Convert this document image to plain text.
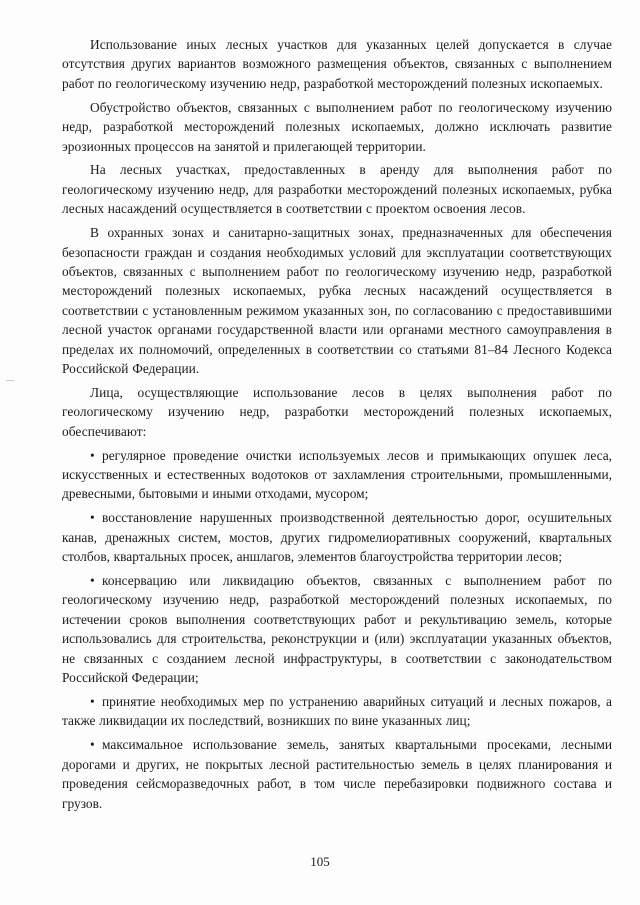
Использование иных лесных участков для указанных целей допускается в случае отсутствия других вариантов возможного размещения объектов, связанных с выполнением работ по геологическому изучению недр, разработкой месторождений полезных ископаемых.

Обустройство объектов, связанных с выполнением работ по геологическому изучению недр, разработкой месторождений полезных ископаемых, должно исключать развитие эрозионных процессов на занятой и прилегающей территории.

На лесных участках, предоставленных в аренду для выполнения работ по геологическому изучению недр, для разработки месторождений полезных ископаемых, рубка лесных насаждений осуществляется в соответствии с проектом освоения лесов.

В охранных зонах и санитарно-защитных зонах, предназначенных для обеспечения безопасности граждан и создания необходимых условий для эксплуатации соответствующих объектов, связанных с выполнением работ по геологическому изучению недр, разработкой месторождений полезных ископаемых, рубка лесных насаждений осуществляется в соответствии с установленным режимом указанных зон, по согласованию с предоставившими лесной участок органами государственной власти или органами местного самоуправления в пределах их полномочий, определенных в соответствии со статьями 81–84 Лесного Кодекса Российской Федерации.

Лица, осуществляющие использование лесов в целях выполнения работ по геологическому изучению недр, разработки месторождений полезных ископаемых, обеспечивают:

• регулярное проведение очистки используемых лесов и примыкающих опушек леса, искусственных и естественных водотоков от захламления строительными, промышленными, древесными, бытовыми и иными отходами, мусором;

• восстановление нарушенных производственной деятельностью дорог, осушительных канав, дренажных систем, мостов, других гидромелиоративных сооружений, квартальных столбов, квартальных просек, аншлагов, элементов благоустройства территории лесов;

• консервацию или ликвидацию объектов, связанных с выполнением работ по геологическому изучению недр, разработкой месторождений полезных ископаемых, по истечении сроков выполнения соответствующих работ и рекультивацию земель, которые использовались для строительства, реконструкции и (или) эксплуатации указанных объектов, не связанных с созданием лесной инфраструктуры, в соответствии с законодательством Российской Федерации;

• принятие необходимых мер по устранению аварийных ситуаций и лесных пожаров, а также ликвидации их последствий, возникших по вине указанных лиц;

• максимальное использование земель, занятых квартальными просеками, лесными дорогами и других, не покрытых лесной растительностью земель в целях планирования и проведения сейсморазведочных работ, в том числе перебазировки подвижного состава и грузов.

105
